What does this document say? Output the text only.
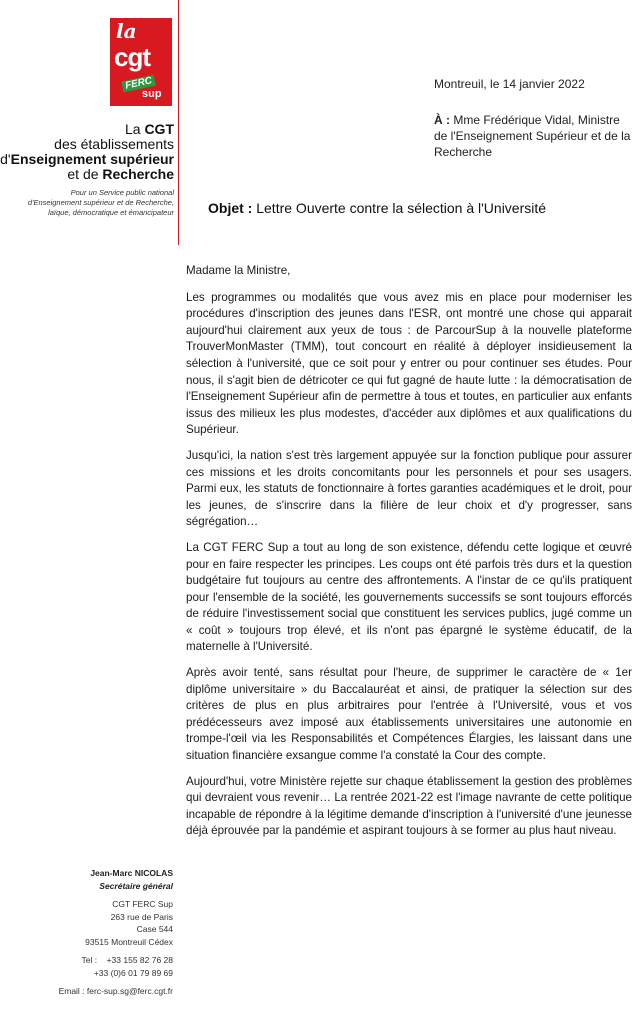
la
cgt
FERC
sup
La CGT
des établissements
d'Enseignement supérieur
et de Recherche
Pour un Service public national
d'Enseignement supérieur et de Recherche,
laïque, démocratique et émancipateur
Montreuil, le 14 janvier 2022
À : Mme Frédérique Vidal, Ministre de l'Enseignement Supérieur et de la Recherche
Objet : Lettre Ouverte contre la sélection à l'Université

Madame la Ministre,

Les programmes ou modalités que vous avez mis en place pour moderniser les procédures d'inscription des jeunes dans l'ESR, ont montré une chose qui apparait aujourd'hui clairement aux yeux de tous : de ParcourSup à la nouvelle plateforme TrouverMonMaster (TMM), tout concourt en réalité à déployer insidieusement la sélection à l'université, que ce soit pour y entrer ou pour continuer ses études. Pour nous, il s'agit bien de détricoter ce qui fut gagné de haute lutte : la démocratisation de l'Enseignement Supérieur afin de permettre à tous et toutes, en particulier aux enfants issus des milieux les plus modestes, d'accéder aux diplômes et aux qualifications du Supérieur.

Jusqu'ici, la nation s'est très largement appuyée sur la fonction publique pour assurer ces missions et les droits concomitants pour les personnels et pour ses usagers. Parmi eux, les statuts de fonctionnaire à fortes garanties académiques et le droit, pour les jeunes, de s'inscrire dans la filière de leur choix et d'y progresser, sans ségrégation…

La CGT FERC Sup a tout au long de son existence, défendu cette logique et œuvré pour en faire respecter les principes. Les coups ont été parfois très durs et la question budgétaire fut toujours au centre des affrontements. A l'instar de ce qu'ils pratiquent pour l'ensemble de la société, les gouvernements successifs se sont toujours efforcés de réduire l'investissement social que constituent les services publics, jugé comme un « coût » toujours trop élevé, et ils n'ont pas épargné le système éducatif, de la maternelle à l'Université.

Après avoir tenté, sans résultat pour l'heure, de supprimer le caractère de « 1er diplôme universitaire » du Baccalauréat et ainsi, de pratiquer la sélection sur des critères de plus en plus arbitraires pour l'entrée à l'Université, vous et vos prédécesseurs avez imposé aux établissements universitaires une autonomie en trompe-l'œil via les Responsabilités et Compétences Élargies, les laissant dans une situation financière exsangue comme l'a constaté la Cour des compte.

Aujourd'hui, votre Ministère rejette sur chaque établissement la gestion des problèmes qui devraient vous revenir… La rentrée 2021-22 est l'image navrante de cette politique incapable de répondre à la légitime demande d'inscription à l'université d'une jeunesse déjà éprouvée par la pandémie et aspirant toujours à se former au plus haut niveau.

Jean-Marc NICOLAS
Secrétaire général
CGT FERC Sup
263 rue de Paris
Case 544
93515 Montreuil Cédex
Tel : +33 155 82 76 28
+33 (0)6 01 79 89 69
Email : ferc-sup.sg@ferc.cgt.fr
